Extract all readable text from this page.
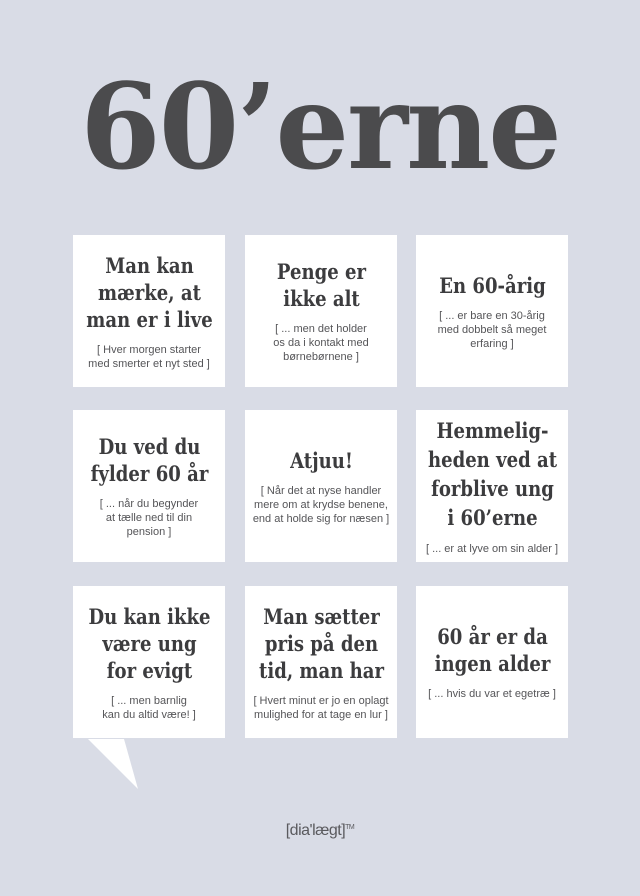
60’erne
Man kan
mærke, at
man er i live
[ Hver morgen starter
med smerter et nyt sted ]
Penge er
ikke alt
[ ... men det holder
os da i kontakt med
børnebørnene ]
En 60-årig
[ ... er bare en 30-årig
med dobbelt så meget
erfaring ]
Du ved du
fylder 60 år
[ ... når du begynder
at tælle ned til din
pension ]
Atjuu!
[ Når det at nyse handler
mere om at krydse benene,
end at holde sig for næsen ]
Hemmelig-
heden ved at
forblive ung
i 60’erne
[ ... er at lyve om sin alder ]
Du kan ikke
være ung
for evigt
[ ... men barnlig
kan du altid være! ]
Man sætter
pris på den
tid, man har
[ Hvert minut er jo en oplagt
mulighed for at tage en lur ]
60 år er da
ingen alder
[ ... hvis du var et egetræ ]
[dia'lægt]™
